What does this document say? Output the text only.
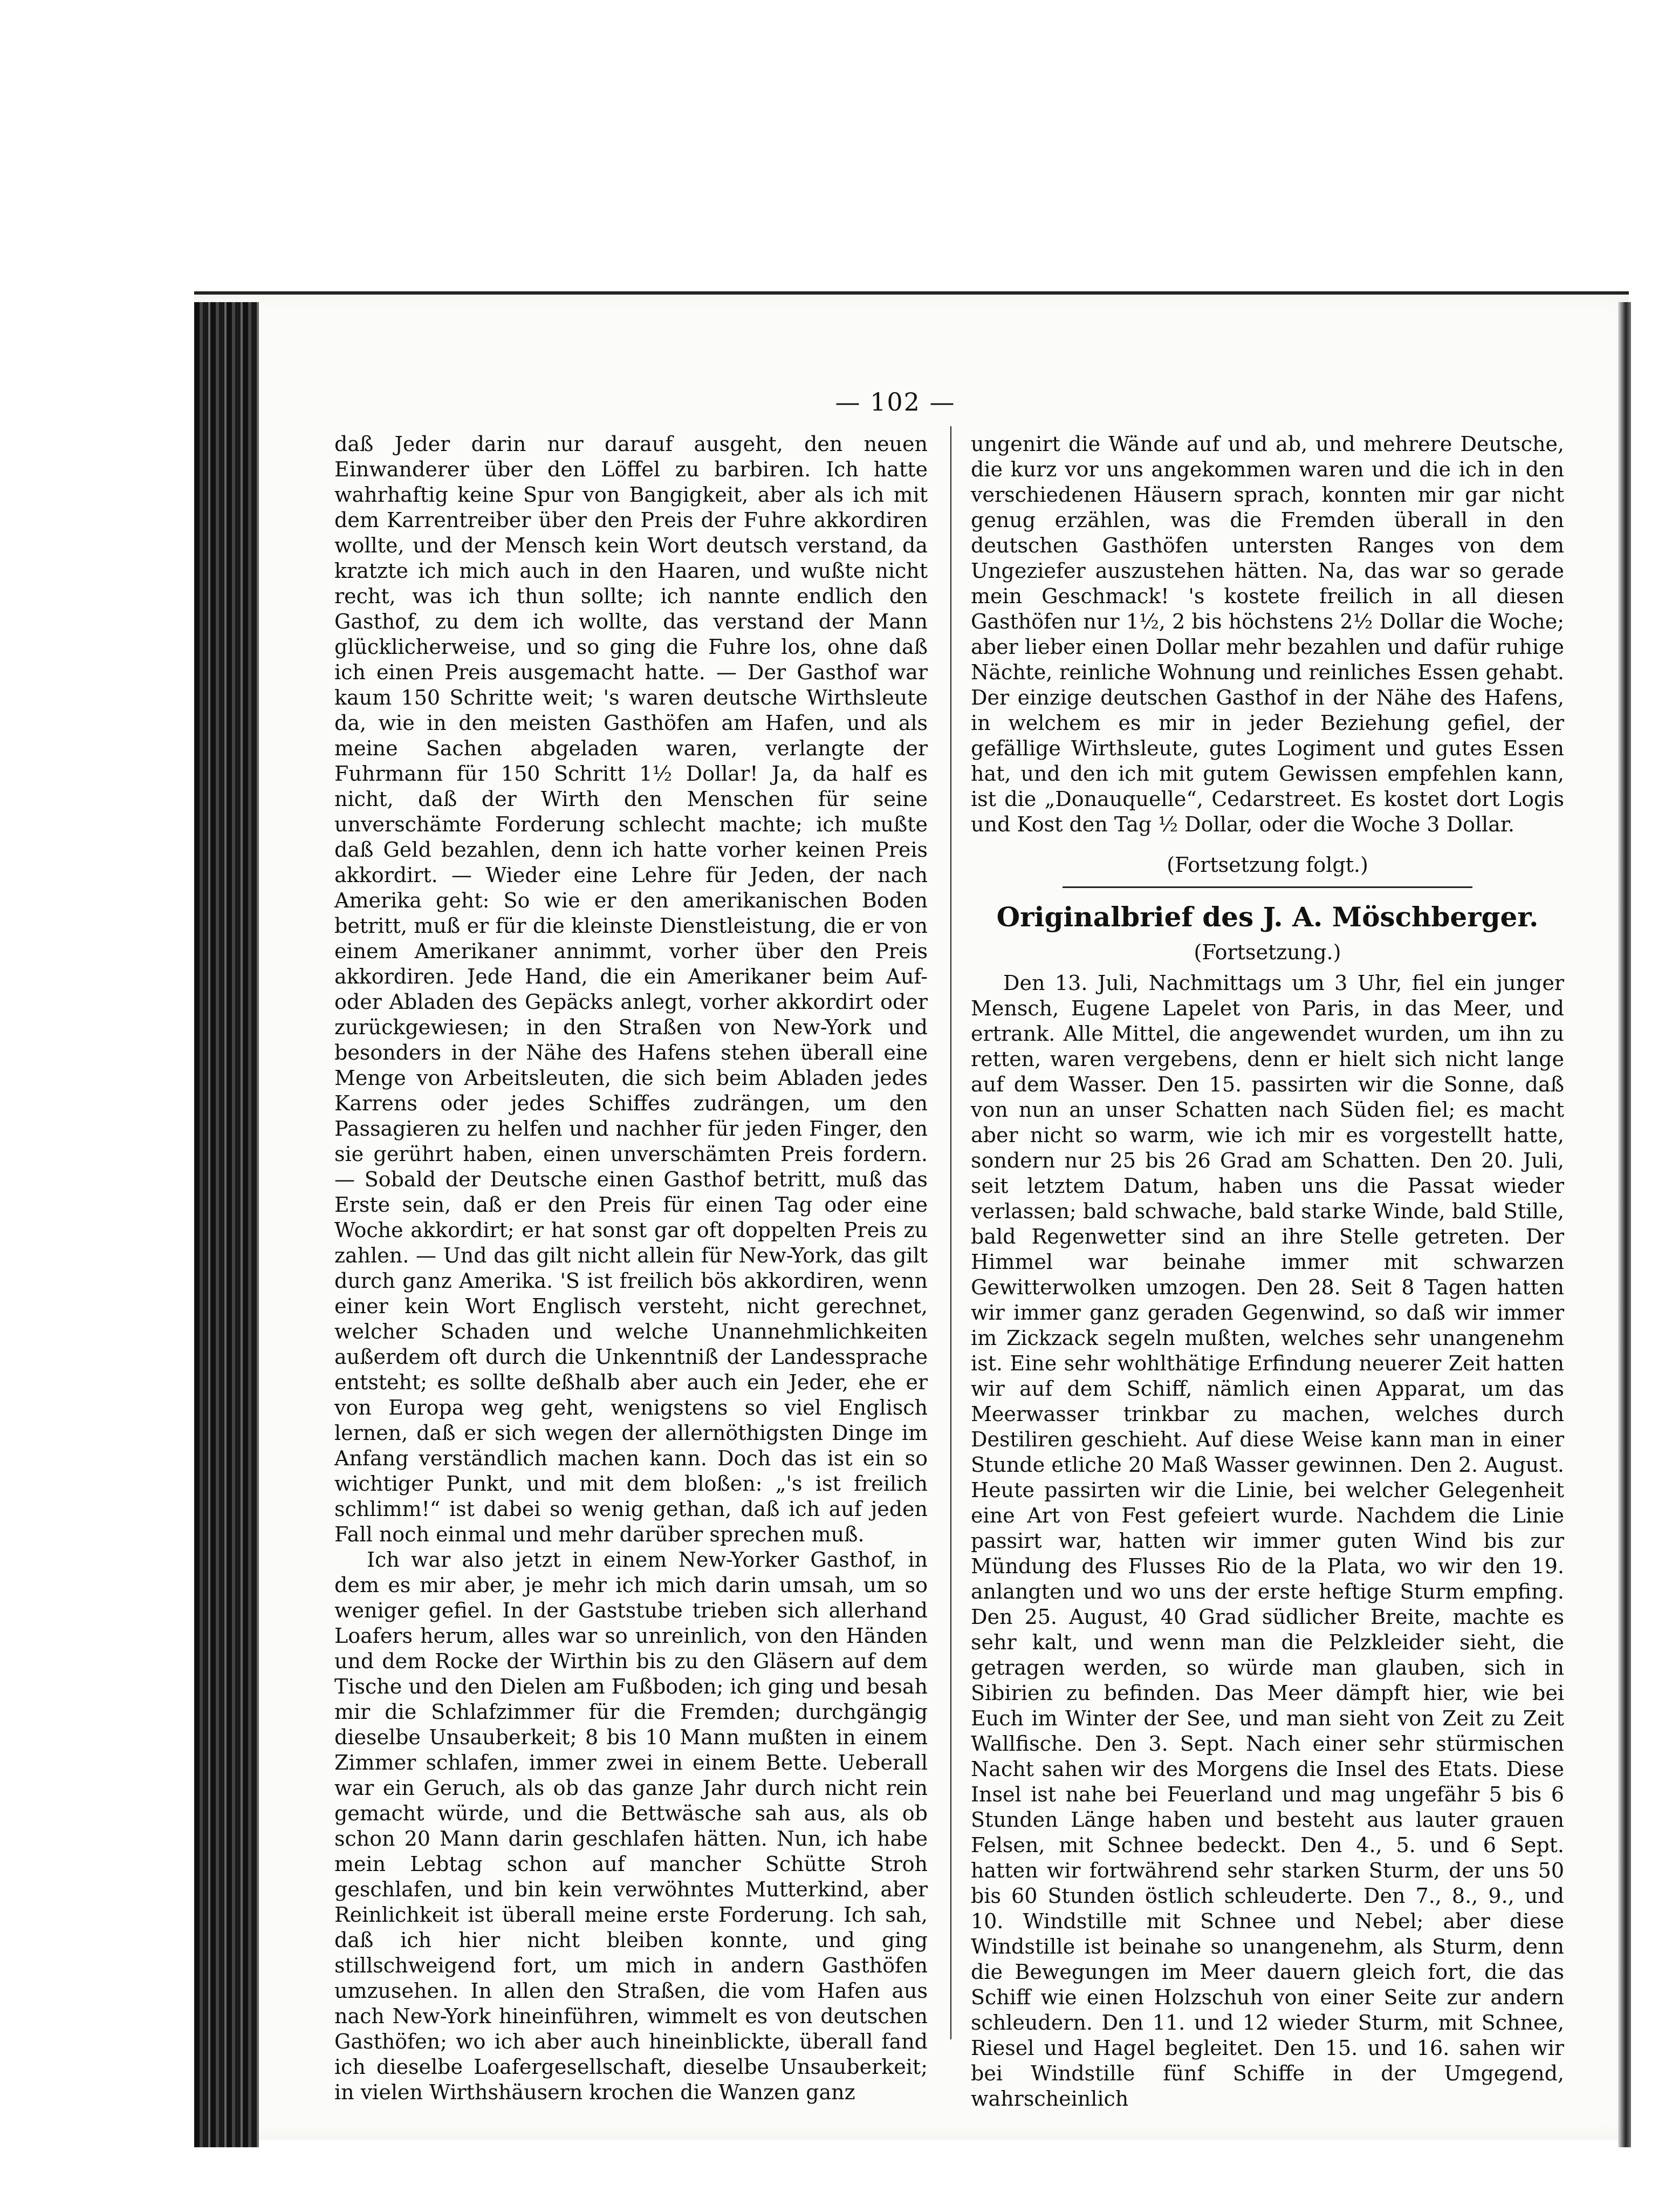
— 102 —

daß Jeder darin nur darauf ausgeht, den neuen Einwanderer über den Löffel zu barbiren. Ich hatte wahrhaftig keine Spur von Bangigkeit, aber als ich mit dem Karrentreiber über den Preis der Fuhre akkordiren wollte, und der Mensch kein Wort deutsch verstand, da kratzte ich mich auch in den Haaren, und wußte nicht recht, was ich thun sollte; ich nannte endlich den Gasthof, zu dem ich wollte, das verstand der Mann glücklicherweise, und so ging die Fuhre los, ohne daß ich einen Preis ausgemacht hatte. — Der Gasthof war kaum 150 Schritte weit; 's waren deutsche Wirthsleute da, wie in den meisten Gasthöfen am Hafen, und als meine Sachen abgeladen waren, verlangte der Fuhrmann für 150 Schritt 1½ Dollar! Ja, da half es nicht, daß der Wirth den Menschen für seine unverschämte Forderung schlecht machte; ich mußte daß Geld bezahlen, denn ich hatte vorher keinen Preis akkordirt. — Wieder eine Lehre für Jeden, der nach Amerika geht: So wie er den amerikanischen Boden betritt, muß er für die kleinste Dienstleistung, die er von einem Amerikaner annimmt, vorher über den Preis akkordiren. Jede Hand, die ein Amerikaner beim Auf- oder Abladen des Gepäcks anlegt, vorher akkordirt oder zurückgewiesen; in den Straßen von New-York und besonders in der Nähe des Hafens stehen überall eine Menge von Arbeitsleuten, die sich beim Abladen jedes Karrens oder jedes Schiffes zudrängen, um den Passagieren zu helfen und nachher für jeden Finger, den sie gerührt haben, einen unverschämten Preis fordern. — Sobald der Deutsche einen Gasthof betritt, muß das Erste sein, daß er den Preis für einen Tag oder eine Woche akkordirt; er hat sonst gar oft doppelten Preis zu zahlen. — Und das gilt nicht allein für New-York, das gilt durch ganz Amerika. 'S ist freilich bös akkordiren, wenn einer kein Wort Englisch versteht, nicht gerechnet, welcher Schaden und welche Unannehmlichkeiten außerdem oft durch die Unkenntniß der Landessprache entsteht; es sollte deßhalb aber auch ein Jeder, ehe er von Europa weg geht, wenigstens so viel Englisch lernen, daß er sich wegen der allernöthigsten Dinge im Anfang verständlich machen kann. Doch das ist ein so wichtiger Punkt, und mit dem bloßen: „'s ist freilich schlimm!“ ist dabei so wenig gethan, daß ich auf jeden Fall noch einmal und mehr darüber sprechen muß.

Ich war also jetzt in einem New-Yorker Gasthof, in dem es mir aber, je mehr ich mich darin umsah, um so weniger gefiel. In der Gaststube trieben sich allerhand Loafers herum, alles war so unreinlich, von den Händen und dem Rocke der Wirthin bis zu den Gläsern auf dem Tische und den Dielen am Fußboden; ich ging und besah mir die Schlafzimmer für die Fremden; durchgängig dieselbe Unsauberkeit; 8 bis 10 Mann mußten in einem Zimmer schlafen, immer zwei in einem Bette. Ueberall war ein Geruch, als ob das ganze Jahr durch nicht rein gemacht würde, und die Bettwäsche sah aus, als ob schon 20 Mann darin geschlafen hätten. Nun, ich habe mein Lebtag schon auf mancher Schütte Stroh geschlafen, und bin kein verwöhntes Mutterkind, aber Reinlichkeit ist überall meine erste Forderung. Ich sah, daß ich hier nicht bleiben konnte, und ging stillschweigend fort, um mich in andern Gasthöfen umzusehen. In allen den Straßen, die vom Hafen aus nach New-York hineinführen, wimmelt es von deutschen Gasthöfen; wo ich aber auch hineinblickte, überall fand ich dieselbe Loafergesellschaft, dieselbe Unsauberkeit; in vielen Wirthshäusern krochen die Wanzen ganz

ungenirt die Wände auf und ab, und mehrere Deutsche, die kurz vor uns angekommen waren und die ich in den verschiedenen Häusern sprach, konnten mir gar nicht genug erzählen, was die Fremden überall in den deutschen Gasthöfen untersten Ranges von dem Ungeziefer auszustehen hätten. Na, das war so gerade mein Geschmack! 's kostete freilich in all diesen Gasthöfen nur 1½, 2 bis höchstens 2½ Dollar die Woche; aber lieber einen Dollar mehr bezahlen und dafür ruhige Nächte, reinliche Wohnung und reinliches Essen gehabt. Der einzige deutschen Gasthof in der Nähe des Hafens, in welchem es mir in jeder Beziehung gefiel, der gefällige Wirthsleute, gutes Logiment und gutes Essen hat, und den ich mit gutem Gewissen empfehlen kann, ist die „Donauquelle“, Cedarstreet. Es kostet dort Logis und Kost den Tag ½ Dollar, oder die Woche 3 Dollar.

(Fortsetzung folgt.)
Originalbrief des J. A. Möschberger.
(Fortsetzung.)

Den 13. Juli, Nachmittags um 3 Uhr, fiel ein junger Mensch, Eugene Lapelet von Paris, in das Meer, und ertrank. Alle Mittel, die angewendet wurden, um ihn zu retten, waren vergebens, denn er hielt sich nicht lange auf dem Wasser. Den 15. passirten wir die Sonne, daß von nun an unser Schatten nach Süden fiel; es macht aber nicht so warm, wie ich mir es vorgestellt hatte, sondern nur 25 bis 26 Grad am Schatten. Den 20. Juli, seit letztem Datum, haben uns die Passat wieder verlassen; bald schwache, bald starke Winde, bald Stille, bald Regenwetter sind an ihre Stelle getreten. Der Himmel war beinahe immer mit schwarzen Gewitterwolken umzogen. Den 28. Seit 8 Tagen hatten wir immer ganz geraden Gegenwind, so daß wir immer im Zickzack segeln mußten, welches sehr unangenehm ist. Eine sehr wohlthätige Erfindung neuerer Zeit hatten wir auf dem Schiff, nämlich einen Apparat, um das Meerwasser trinkbar zu machen, welches durch Destiliren geschieht. Auf diese Weise kann man in einer Stunde etliche 20 Maß Wasser gewinnen. Den 2. August. Heute passirten wir die Linie, bei welcher Gelegenheit eine Art von Fest gefeiert wurde. Nachdem die Linie passirt war, hatten wir immer guten Wind bis zur Mündung des Flusses Rio de la Plata, wo wir den 19. anlangten und wo uns der erste heftige Sturm empfing. Den 25. August, 40 Grad südlicher Breite, machte es sehr kalt, und wenn man die Pelzkleider sieht, die getragen werden, so würde man glauben, sich in Sibirien zu befinden. Das Meer dämpft hier, wie bei Euch im Winter der See, und man sieht von Zeit zu Zeit Wallfische. Den 3. Sept. Nach einer sehr stürmischen Nacht sahen wir des Morgens die Insel des Etats. Diese Insel ist nahe bei Feuerland und mag ungefähr 5 bis 6 Stunden Länge haben und besteht aus lauter grauen Felsen, mit Schnee bedeckt. Den 4., 5. und 6 Sept. hatten wir fortwährend sehr starken Sturm, der uns 50 bis 60 Stunden östlich schleuderte. Den 7., 8., 9., und 10. Windstille mit Schnee und Nebel; aber diese Windstille ist beinahe so unangenehm, als Sturm, denn die Bewegungen im Meer dauern gleich fort, die das Schiff wie einen Holzschuh von einer Seite zur andern schleudern. Den 11. und 12 wieder Sturm, mit Schnee, Riesel und Hagel begleitet. Den 15. und 16. sahen wir bei Windstille fünf Schiffe in der Umgegend, wahrscheinlich
